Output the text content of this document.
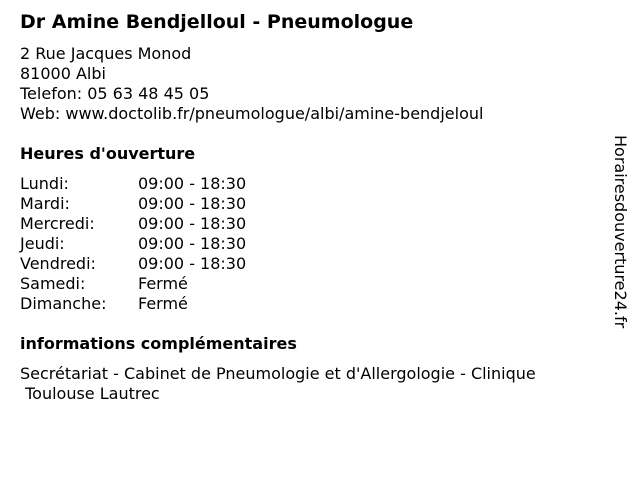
Dr Amine Bendjelloul - Pneumologue
2 Rue Jacques Monod
81000 Albi
Telefon: 05 63 48 45 05
Web: www.doctolib.fr/pneumologue/albi/amine-bendjeloul
Heures d'ouverture
Lundi:	09:00 - 18:30
Mardi:	09:00 - 18:30
Mercredi:	09:00 - 18:30
Jeudi:	09:00 - 18:30
Vendredi:	09:00 - 18:30
Samedi:	Fermé
Dimanche:	Fermé
informations complémentaires
Secrétariat - Cabinet de Pneumologie et d'Allergologie - Clinique
Toulouse Lautrec
Horairesdouverture24.fr
